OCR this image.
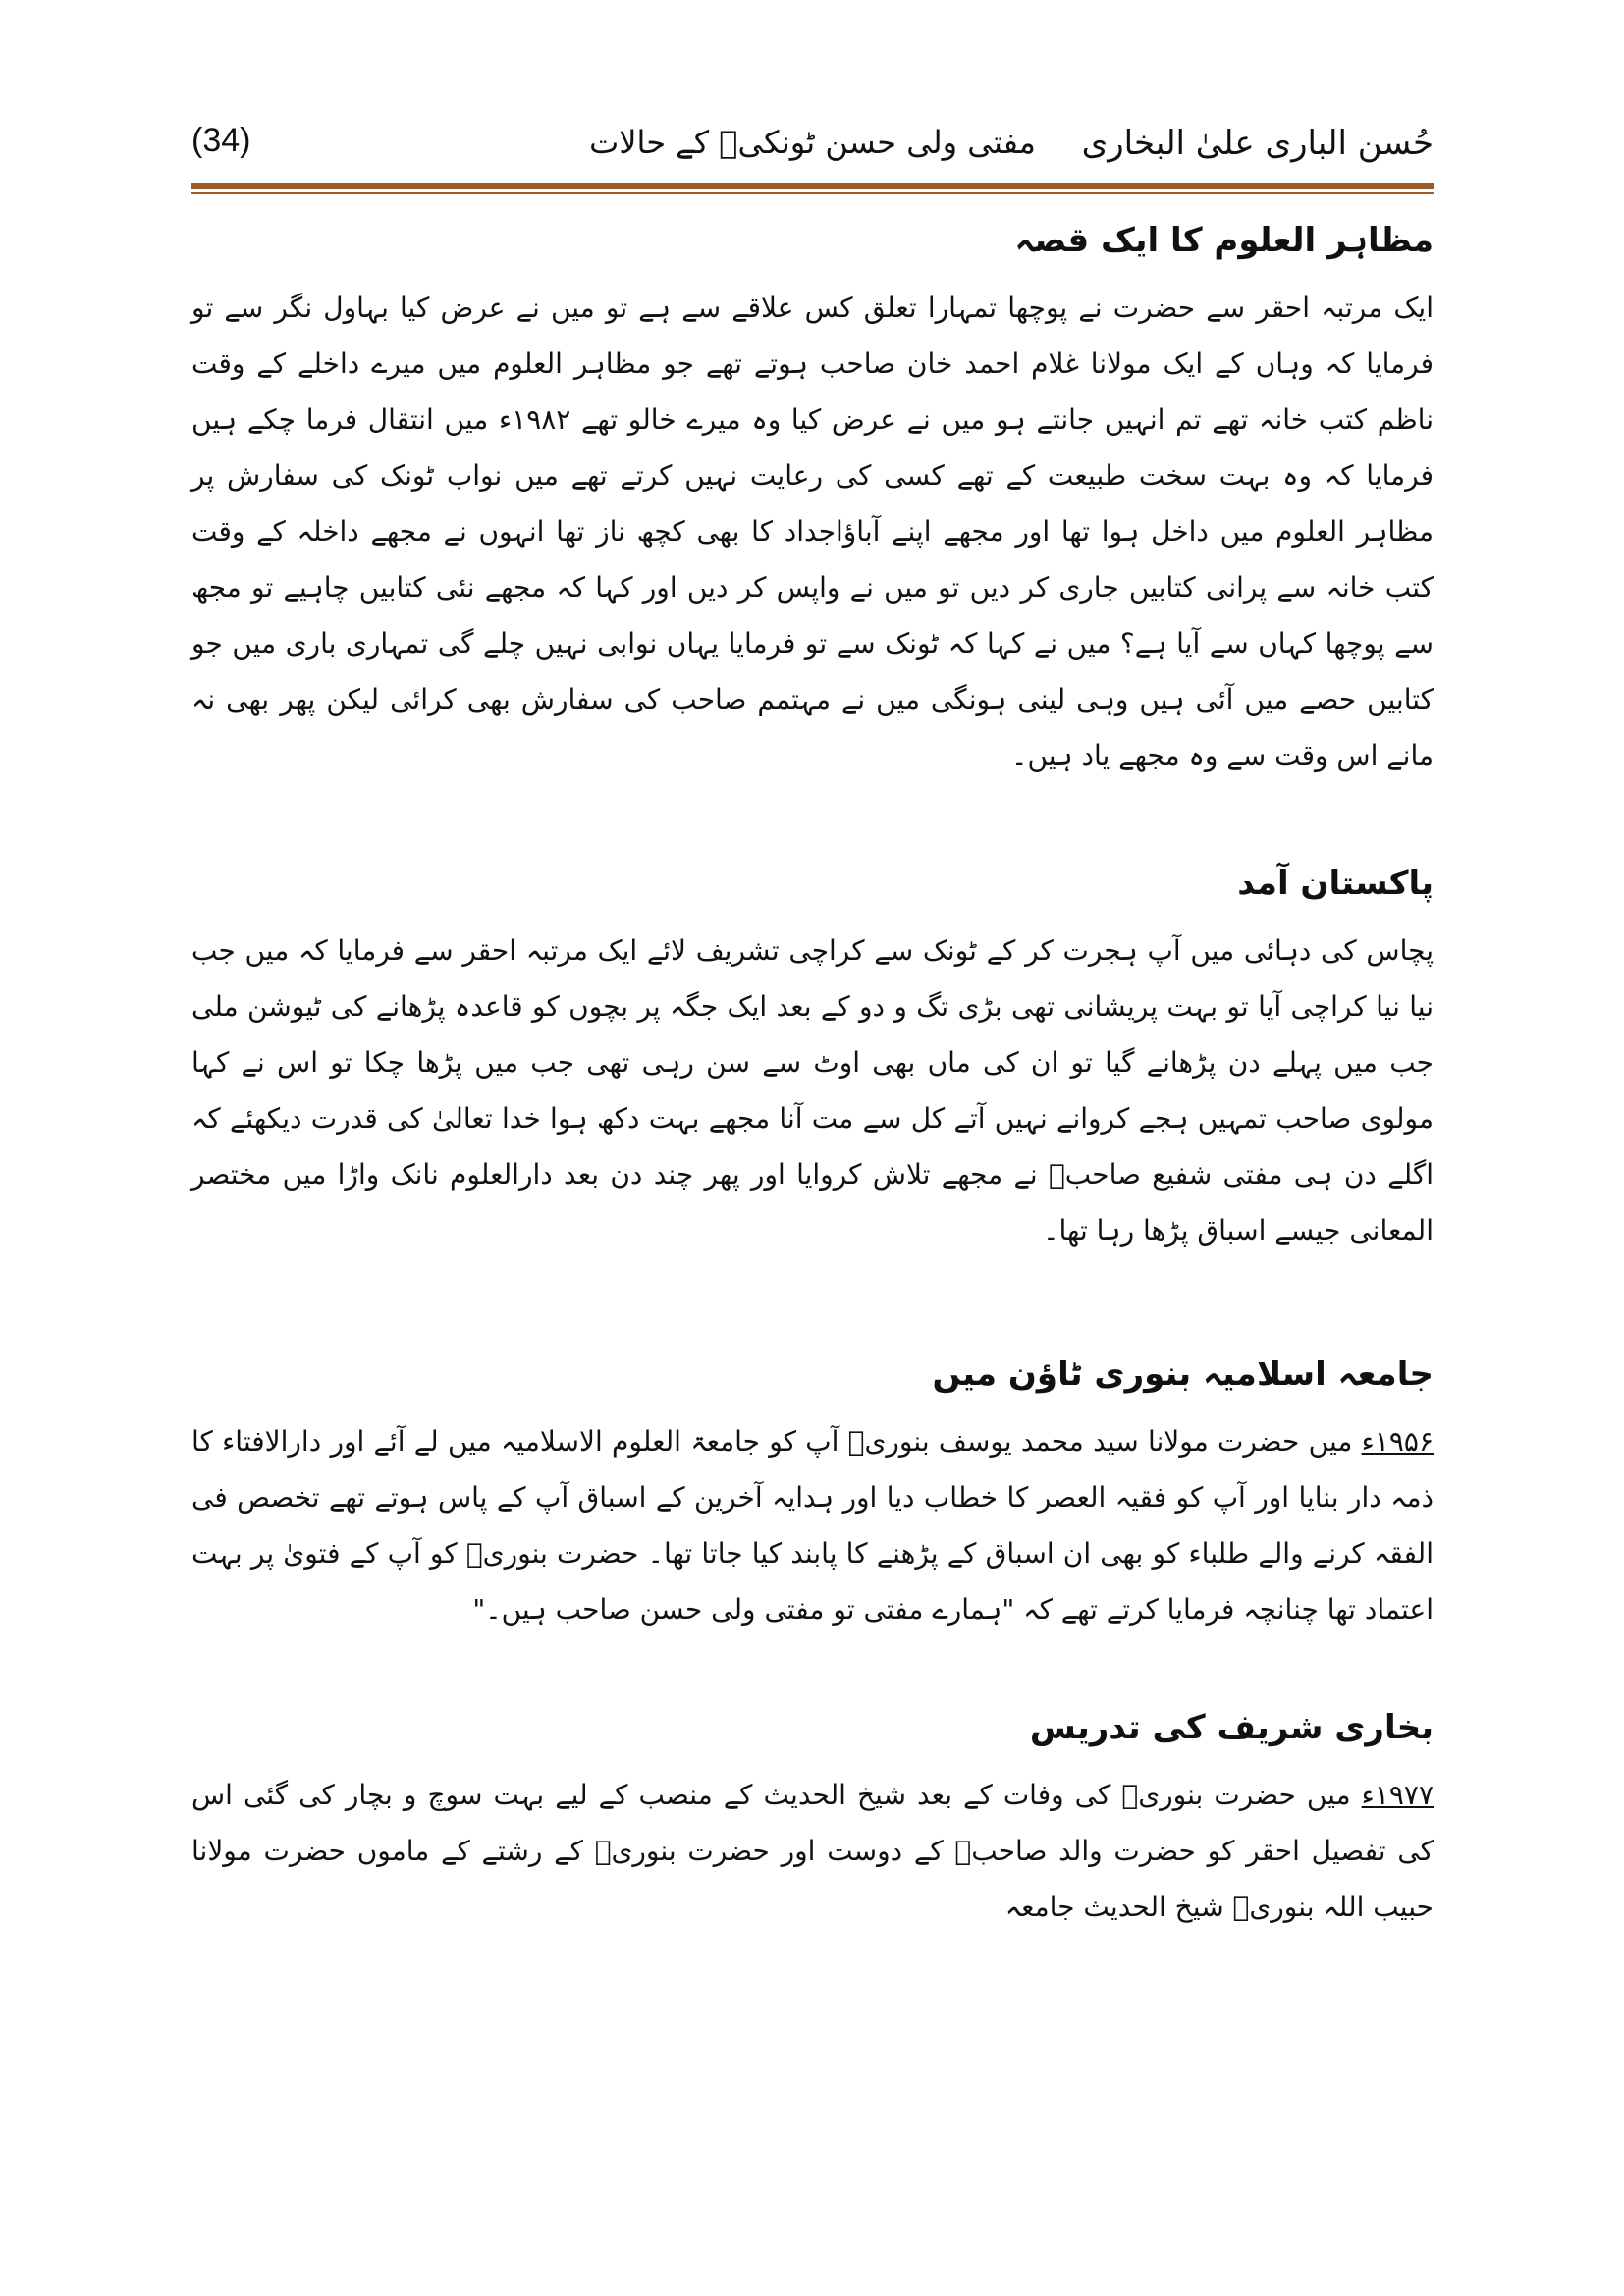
حُسن الباری علیٰ البخاری
مفتی ولی حسن ٹونکیؒ کے حالات
(34)
مظاہر العلوم کا ایک قصہ

ایک مرتبہ احقر سے حضرت نے پوچھا تمہارا تعلق کس علاقے سے ہے تو میں نے عرض کیا بہاول نگر سے تو فرمایا کہ وہاں کے ایک مولانا غلام احمد خان صاحب ہوتے تھے جو مظاہر العلوم میں میرے داخلے کے وقت ناظم کتب خانہ تھے تم انہیں جانتے ہو میں نے عرض کیا وہ میرے خالو تھے ۱۹۸۲ء میں انتقال فرما چکے ہیں فرمایا کہ وہ بہت سخت طبیعت کے تھے کسی کی رعایت نہیں کرتے تھے میں نواب ٹونک کی سفارش پر مظاہر العلوم میں داخل ہوا تھا اور مجھے اپنے آباؤاجداد کا بھی کچھ ناز تھا انہوں نے مجھے داخلہ کے وقت کتب خانہ سے پرانی کتابیں جاری کر دیں تو میں نے واپس کر دیں اور کہا کہ مجھے نئی کتابیں چاہیے تو مجھ سے پوچھا کہاں سے آیا ہے؟ میں نے کہا کہ ٹونک سے تو فرمایا یہاں نوابی نہیں چلے گی تمہاری باری میں جو کتابیں حصے میں آئی ہیں وہی لینی ہونگی میں نے مہتمم صاحب کی سفارش بھی کرائی لیکن پھر بھی نہ مانے اس وقت سے وہ مجھے یاد ہیں۔

پاکستان آمد

پچاس کی دہائی میں آپ ہجرت کر کے ٹونک سے کراچی تشریف لائے ایک مرتبہ احقر سے فرمایا کہ میں جب نیا نیا کراچی آیا تو بہت پریشانی تھی بڑی تگ و دو کے بعد ایک جگہ پر بچوں کو قاعدہ پڑھانے کی ٹیوشن ملی جب میں پہلے دن پڑھانے گیا تو ان کی ماں بھی اوٹ سے سن رہی تھی جب میں پڑھا چکا تو اس نے کہا مولوی صاحب تمہیں ہجے کروانے نہیں آتے کل سے مت آنا مجھے بہت دکھ ہوا خدا تعالیٰ کی قدرت دیکھئے کہ اگلے دن ہی مفتی شفیع صاحبؒ نے مجھے تلاش کروایا اور پھر چند دن بعد دارالعلوم نانک واڑا میں مختصر المعانی جیسے اسباق پڑھا رہا تھا۔

جامعہ اسلامیہ بنوری ٹاؤن میں

۱۹۵۶ء میں حضرت مولانا سید محمد یوسف بنوریؒ آپ کو جامعۃ العلوم الاسلامیہ میں لے آئے اور دارالافتاء کا ذمہ دار بنایا اور آپ کو فقیہ العصر کا خطاب دیا اور ہدایہ آخرین کے اسباق آپ کے پاس ہوتے تھے تخصص فی الفقہ کرنے والے طلباء کو بھی ان اسباق کے پڑھنے کا پابند کیا جاتا تھا۔ حضرت بنوریؒ کو آپ کے فتویٰ پر بہت اعتماد تھا چنانچہ فرمایا کرتے تھے کہ "ہمارے مفتی تو مفتی ولی حسن صاحب ہیں۔"

بخاری شریف کی تدریس

۱۹۷۷ء میں حضرت بنوریؒ کی وفات کے بعد شیخ الحدیث کے منصب کے لیے بہت سوچ و بچار کی گئی اس کی تفصیل احقر کو حضرت والد صاحبؒ کے دوست اور حضرت بنوریؒ کے رشتے کے ماموں حضرت مولانا حبیب اللہ بنوریؒ شیخ الحدیث جامعہ
